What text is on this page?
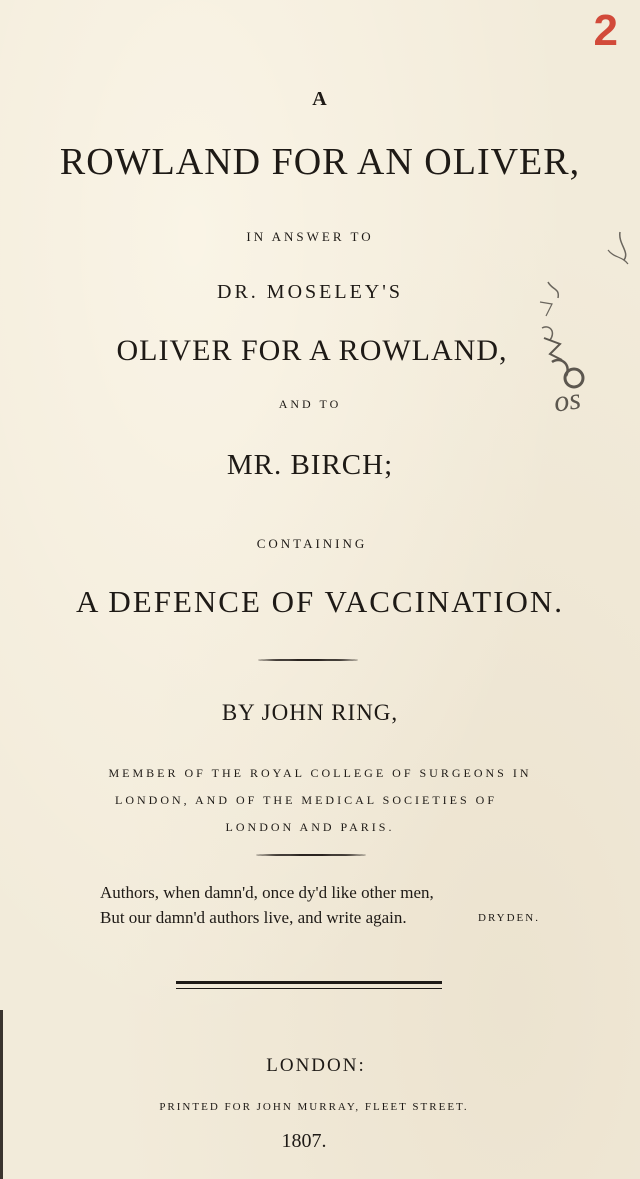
2
A
ROWLAND FOR AN OLIVER,
IN ANSWER TO
DR. MOSELEY'S
OLIVER FOR A ROWLAND,
AND TO
MR. BIRCH;
CONTAINING
A DEFENCE OF VACCINATION.
BY JOHN RING,
MEMBER OF THE ROYAL COLLEGE OF SURGEONS IN
LONDON, AND OF THE MEDICAL SOCIETIES OF
LONDON AND PARIS.
Authors, when damn'd, once dy'd like other men,
But our damn'd authors live, and write again.	DRYDEN.
LONDON:
PRINTED FOR JOHN MURRAY, FLEET STREET.
1807.
os
